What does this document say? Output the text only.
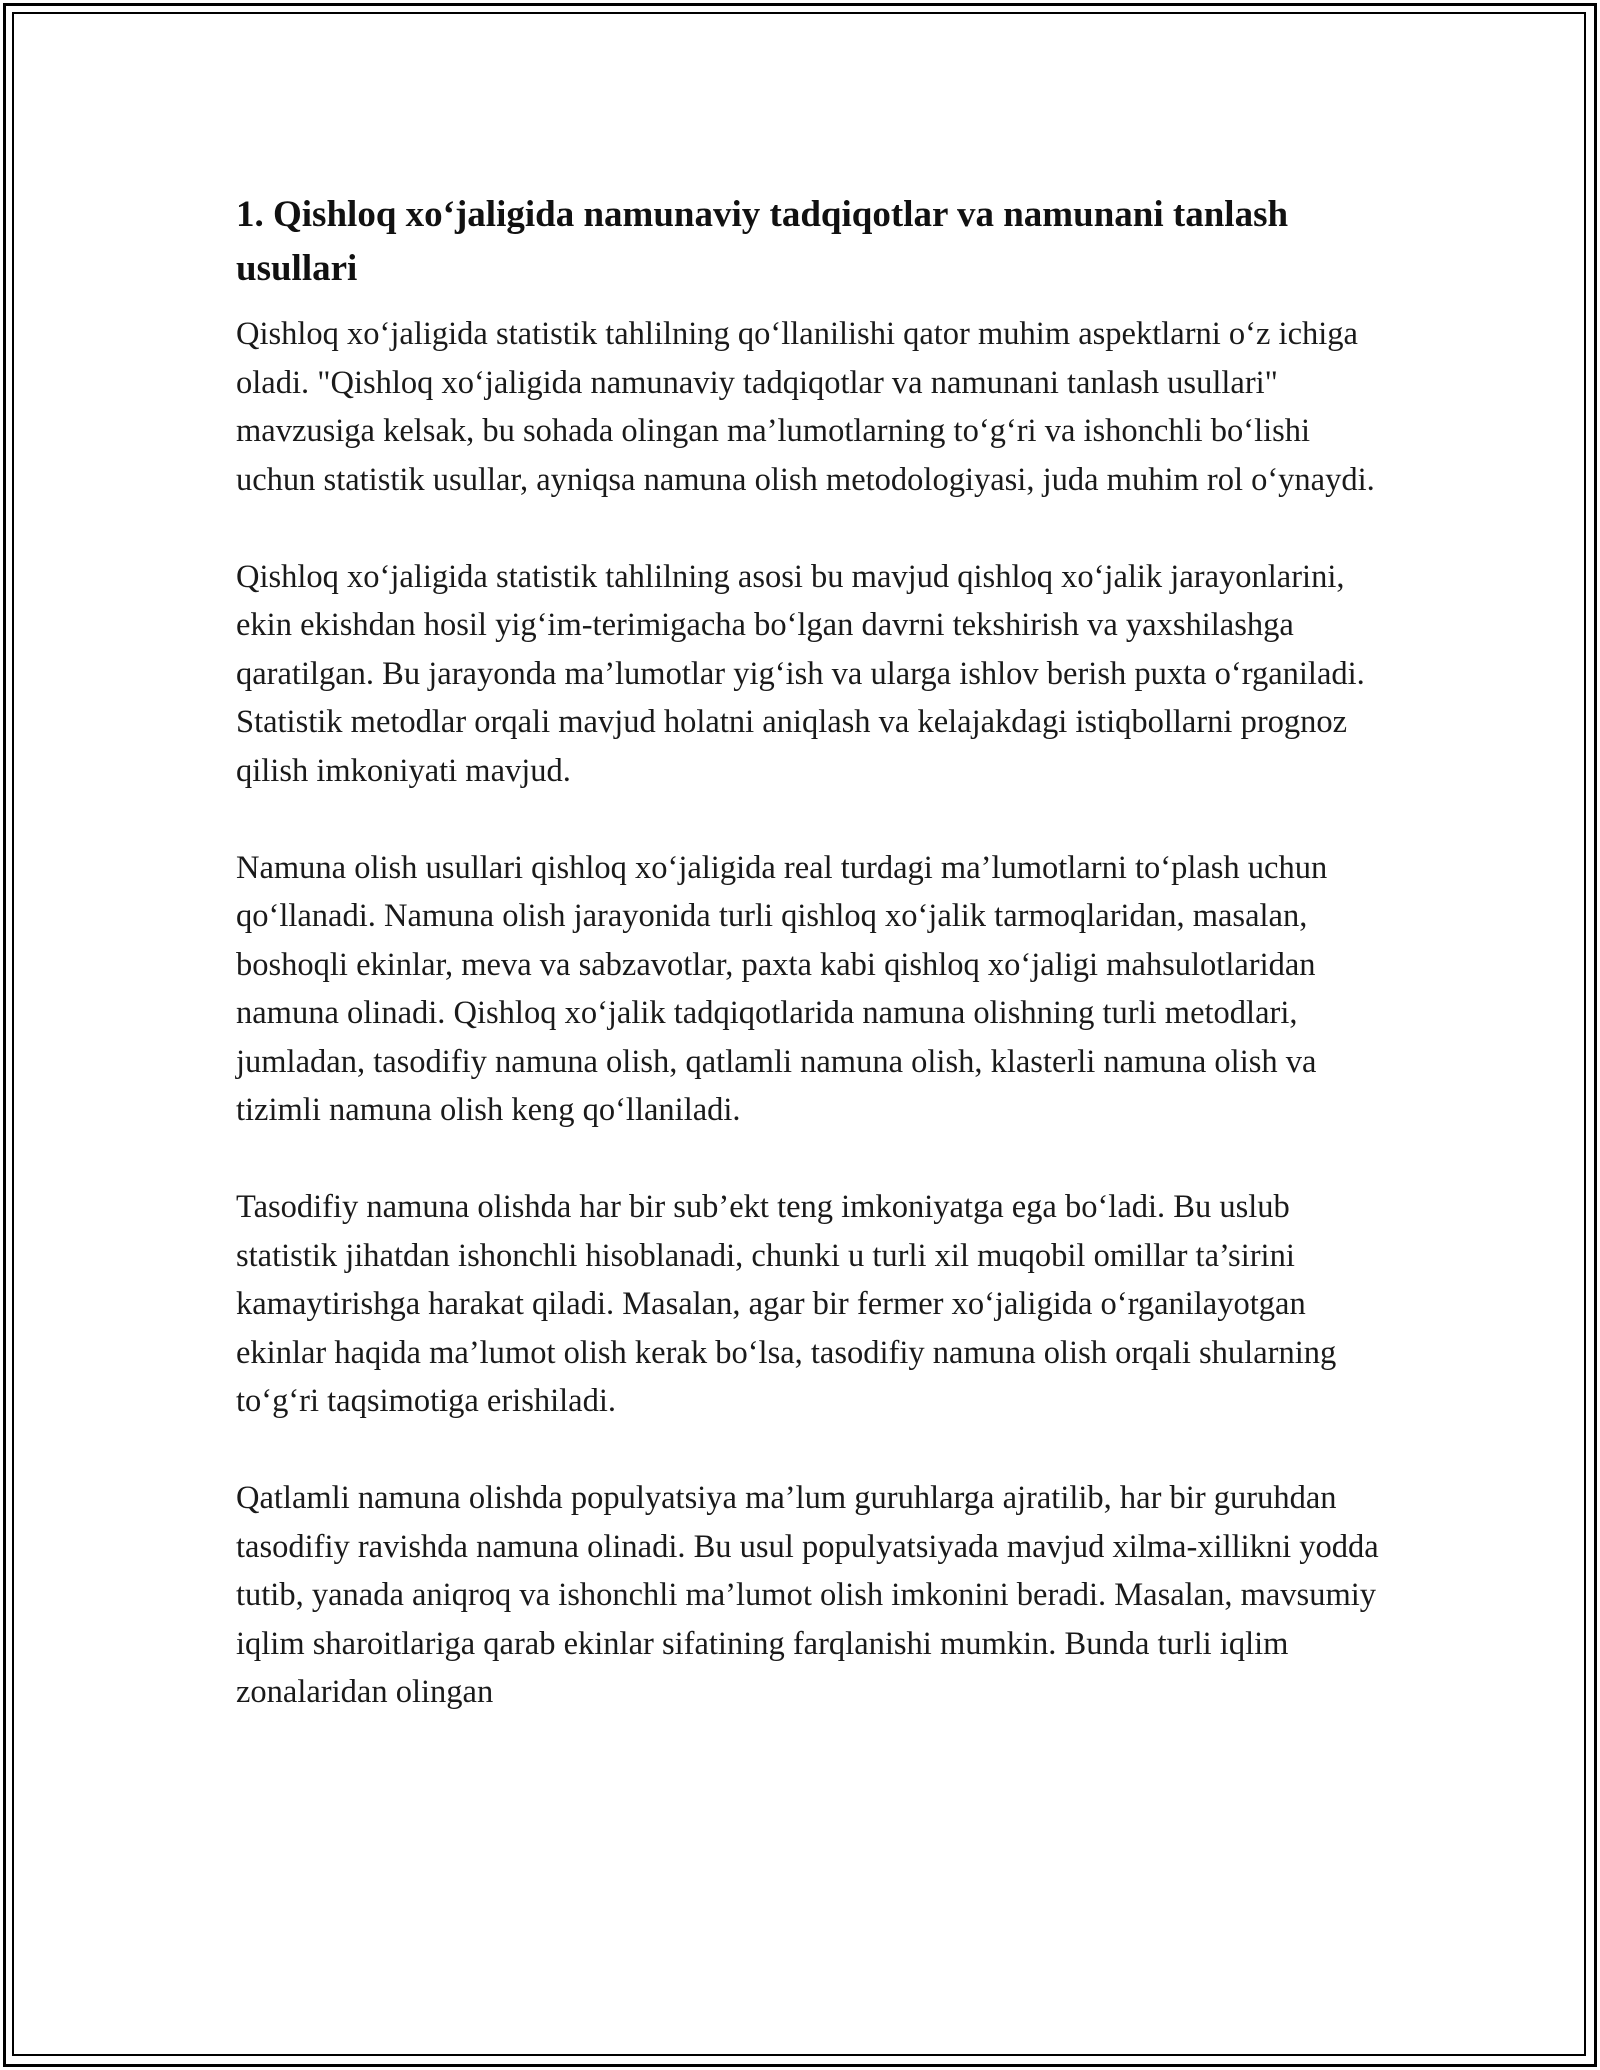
1. Qishloq xo‘jaligida namunaviy tadqiqotlar va namunani tanlash usullari

Qishloq xo‘jaligida statistik tahlilning qo‘llanilishi qator muhim aspektlarni o‘z ichiga oladi. "Qishloq xo‘jaligida namunaviy tadqiqotlar va namunani tanlash usullari" mavzusiga kelsak, bu sohada olingan ma’lumotlarning to‘g‘ri va ishonchli bo‘lishi uchun statistik usullar, ayniqsa namuna olish metodologiyasi, juda muhim rol o‘ynaydi.

Qishloq xo‘jaligida statistik tahlilning asosi bu mavjud qishloq xo‘jalik jarayonlarini, ekin ekishdan hosil yig‘im-terimigacha bo‘lgan davrni tekshirish va yaxshilashga qaratilgan. Bu jarayonda ma’lumotlar yig‘ish va ularga ishlov berish puxta o‘rganiladi. Statistik metodlar orqali mavjud holatni aniqlash va kelajakdagi istiqbollarni prognoz qilish imkoniyati mavjud.

Namuna olish usullari qishloq xo‘jaligida real turdagi ma’lumotlarni to‘plash uchun qo‘llanadi. Namuna olish jarayonida turli qishloq xo‘jalik tarmoqlaridan, masalan, boshoqli ekinlar, meva va sabzavotlar, paxta kabi qishloq xo‘jaligi mahsulotlaridan namuna olinadi. Qishloq xo‘jalik tadqiqotlarida namuna olishning turli metodlari, jumladan, tasodifiy namuna olish, qatlamli namuna olish, klasterli namuna olish va tizimli namuna olish keng qo‘llaniladi.

Tasodifiy namuna olishda har bir sub’ekt teng imkoniyatga ega bo‘ladi. Bu uslub statistik jihatdan ishonchli hisoblanadi, chunki u turli xil muqobil omillar ta’sirini kamaytirishga harakat qiladi. Masalan, agar bir fermer xo‘jaligida o‘rganilayotgan ekinlar haqida ma’lumot olish kerak bo‘lsa, tasodifiy namuna olish orqali shularning to‘g‘ri taqsimotiga erishiladi.

Qatlamli namuna olishda populyatsiya ma’lum guruhlarga ajratilib, har bir guruhdan tasodifiy ravishda namuna olinadi. Bu usul populyatsiyada mavjud xilma-xillikni yodda tutib, yanada aniqroq va ishonchli ma’lumot olish imkonini beradi. Masalan, mavsumiy iqlim sharoitlariga qarab ekinlar sifatining farqlanishi mumkin. Bunda turli iqlim zonalaridan olingan
